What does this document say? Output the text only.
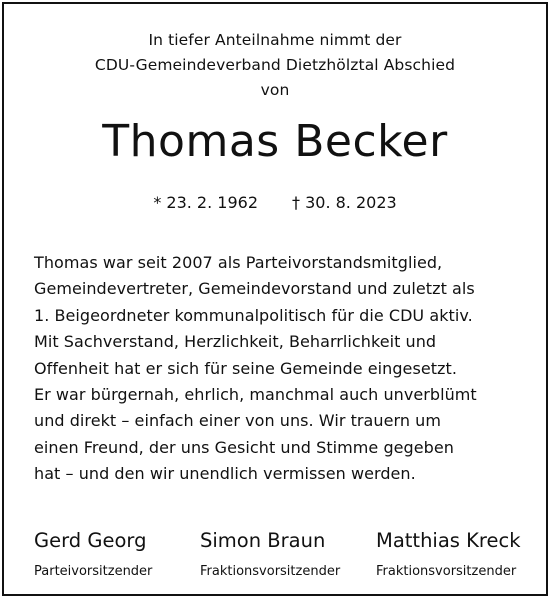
In tiefer Anteilnahme nimmt der
CDU-Gemeindeverband Dietzhölztal Abschied
von
Thomas Becker
* 23. 2. 1962 † 30. 8. 2023
Thomas war seit 2007 als Parteivorstandsmitglied,
Gemeindevertreter, Gemeindevorstand und zuletzt als
1. Beigeordneter kommunalpolitisch für die CDU aktiv.
Mit Sachverstand, Herzlichkeit, Beharrlichkeit und
Offenheit hat er sich für seine Gemeinde eingesetzt.
Er war bürgernah, ehrlich, manchmal auch unverblümt
und direkt – einfach einer von uns. Wir trauern um
einen Freund, der uns Gesicht und Stimme gegeben
hat – und den wir unendlich vermissen werden.
Gerd Georg
Parteivorsitzender
Simon Braun
Fraktionsvorsitzender
Matthias Kreck
Fraktionsvorsitzender
